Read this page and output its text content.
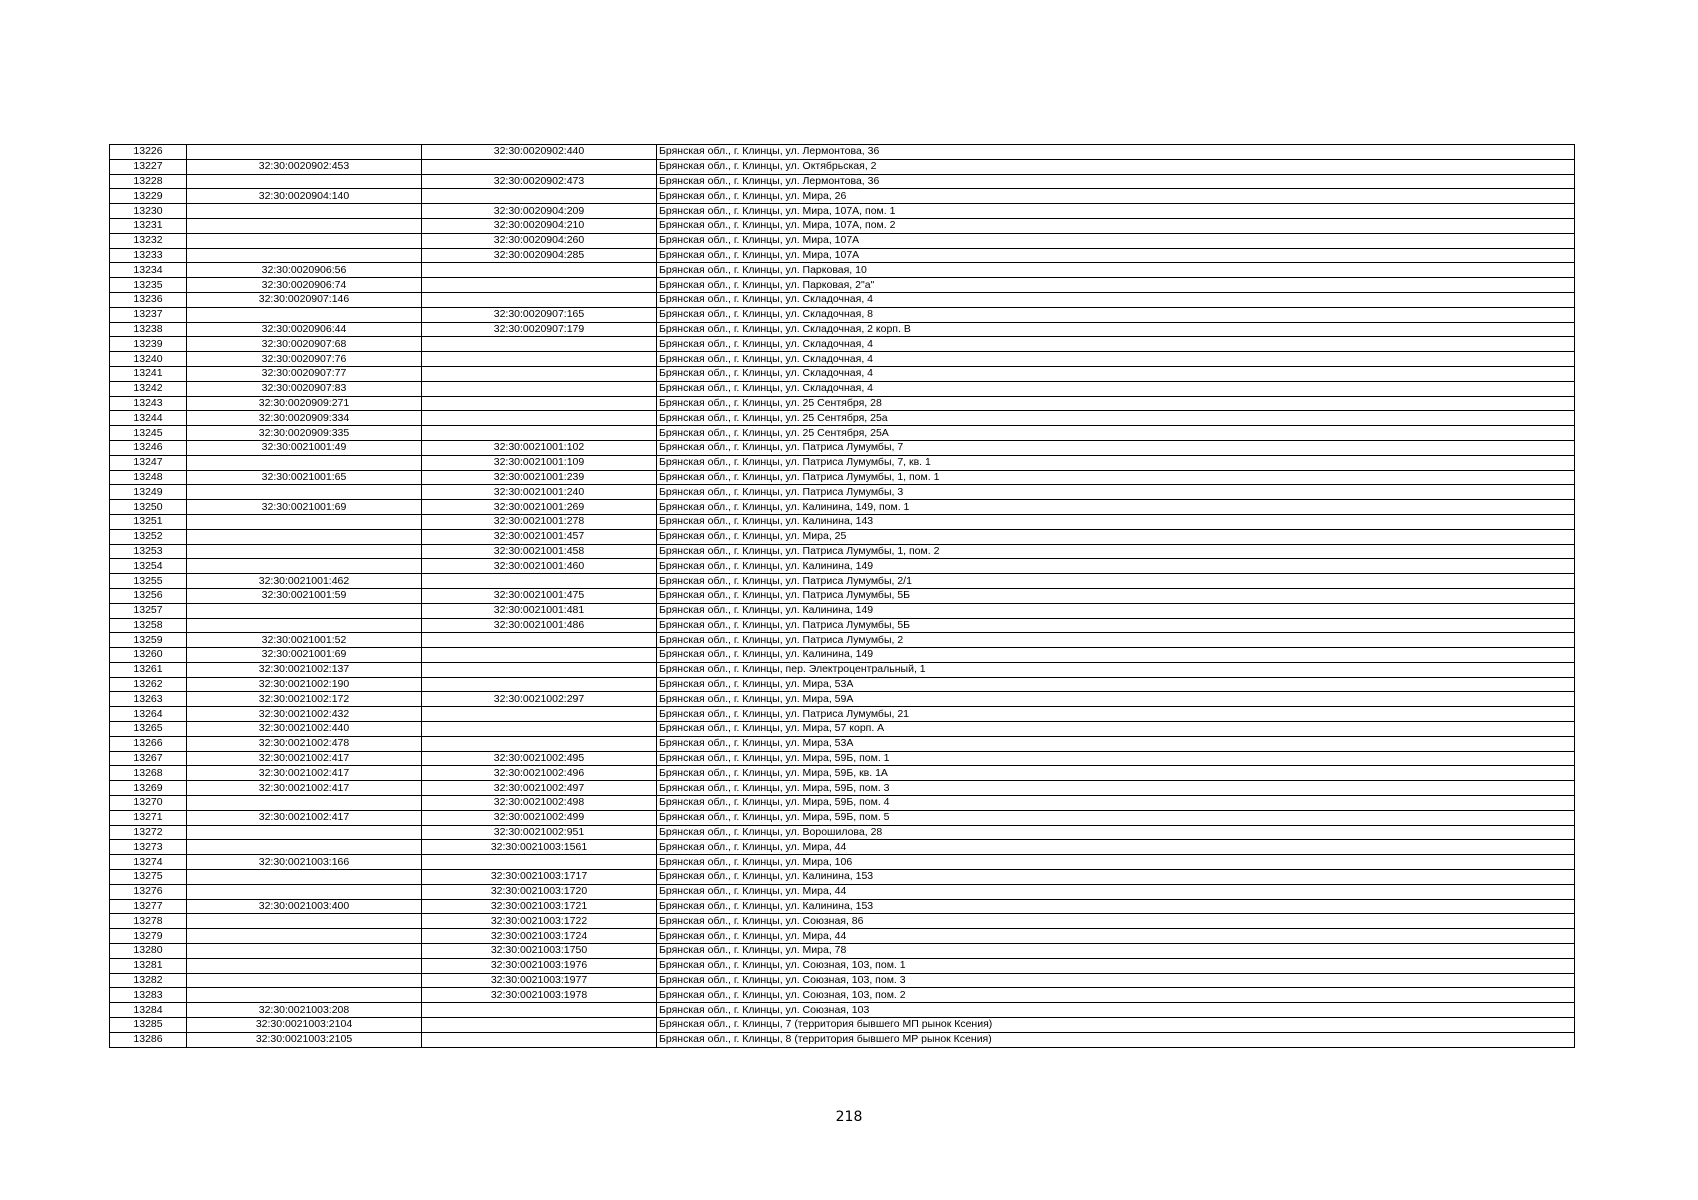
13226		32:30:0020902:440	Брянская обл., г. Клинцы, ул. Лермонтова, 36
13227	32:30:0020902:453		Брянская обл., г. Клинцы, ул. Октябрьская, 2
13228		32:30:0020902:473	Брянская обл., г. Клинцы, ул. Лермонтова, 36
13229	32:30:0020904:140		Брянская обл., г. Клинцы, ул. Мира, 26
13230		32:30:0020904:209	Брянская обл., г. Клинцы, ул. Мира, 107А, пом. 1
13231		32:30:0020904:210	Брянская обл., г. Клинцы, ул. Мира, 107А, пом. 2
13232		32:30:0020904:260	Брянская обл., г. Клинцы, ул. Мира, 107А
13233		32:30:0020904:285	Брянская обл., г. Клинцы, ул. Мира, 107А
13234	32:30:0020906:56		Брянская обл., г. Клинцы, ул. Парковая, 10
13235	32:30:0020906:74		Брянская обл., г. Клинцы, ул. Парковая, 2"а"
13236	32:30:0020907:146		Брянская обл., г. Клинцы, ул. Складочная, 4
13237		32:30:0020907:165	Брянская обл., г. Клинцы, ул. Складочная, 8
13238	32:30:0020906:44	32:30:0020907:179	Брянская обл., г. Клинцы, ул. Складочная, 2 корп. В
13239	32:30:0020907:68		Брянская обл., г. Клинцы, ул. Складочная, 4
13240	32:30:0020907:76		Брянская обл., г. Клинцы, ул. Складочная, 4
13241	32:30:0020907:77		Брянская обл., г. Клинцы, ул. Складочная, 4
13242	32:30:0020907:83		Брянская обл., г. Клинцы, ул. Складочная, 4
13243	32:30:0020909:271		Брянская обл., г. Клинцы, ул. 25 Сентября, 28
13244	32:30:0020909:334		Брянская обл., г. Клинцы, ул. 25 Сентября, 25а
13245	32:30:0020909:335		Брянская обл., г. Клинцы, ул. 25 Сентября, 25А
13246	32:30:0021001:49	32:30:0021001:102	Брянская обл., г. Клинцы, ул. Патриса Лумумбы, 7
13247		32:30:0021001:109	Брянская обл., г. Клинцы, ул. Патриса Лумумбы, 7, кв. 1
13248	32:30:0021001:65	32:30:0021001:239	Брянская обл., г. Клинцы, ул. Патриса Лумумбы, 1, пом. 1
13249		32:30:0021001:240	Брянская обл., г. Клинцы, ул. Патриса Лумумбы, 3
13250	32:30:0021001:69	32:30:0021001:269	Брянская обл., г. Клинцы, ул. Калинина, 149, пом. 1
13251		32:30:0021001:278	Брянская обл., г. Клинцы, ул. Калинина, 143
13252		32:30:0021001:457	Брянская обл., г. Клинцы, ул. Мира, 25
13253		32:30:0021001:458	Брянская обл., г. Клинцы, ул. Патриса Лумумбы, 1, пом. 2
13254		32:30:0021001:460	Брянская обл., г. Клинцы, ул. Калинина, 149
13255	32:30:0021001:462		Брянская обл., г. Клинцы, ул. Патриса Лумумбы, 2/1
13256	32:30:0021001:59	32:30:0021001:475	Брянская обл., г. Клинцы, ул. Патриса Лумумбы, 5Б
13257		32:30:0021001:481	Брянская обл., г. Клинцы, ул. Калинина, 149
13258		32:30:0021001:486	Брянская обл., г. Клинцы, ул. Патриса Лумумбы, 5Б
13259	32:30:0021001:52		Брянская обл., г. Клинцы, ул. Патриса Лумумбы, 2
13260	32:30:0021001:69		Брянская обл., г. Клинцы, ул. Калинина, 149
13261	32:30:0021002:137		Брянская обл., г. Клинцы, пер. Электроцентральный, 1
13262	32:30:0021002:190		Брянская обл., г. Клинцы, ул. Мира, 53А
13263	32:30:0021002:172	32:30:0021002:297	Брянская обл., г. Клинцы, ул. Мира, 59А
13264	32:30:0021002:432		Брянская обл., г. Клинцы, ул. Патриса Лумумбы, 21
13265	32:30:0021002:440		Брянская обл., г. Клинцы, ул. Мира, 57 корп. А
13266	32:30:0021002:478		Брянская обл., г. Клинцы, ул. Мира, 53А
13267	32:30:0021002:417	32:30:0021002:495	Брянская обл., г. Клинцы, ул. Мира, 59Б, пом. 1
13268	32:30:0021002:417	32:30:0021002:496	Брянская обл., г. Клинцы, ул. Мира, 59Б, кв. 1А
13269	32:30:0021002:417	32:30:0021002:497	Брянская обл., г. Клинцы, ул. Мира, 59Б, пом. 3
13270		32:30:0021002:498	Брянская обл., г. Клинцы, ул. Мира, 59Б, пом. 4
13271	32:30:0021002:417	32:30:0021002:499	Брянская обл., г. Клинцы, ул. Мира, 59Б, пом. 5
13272		32:30:0021002:951	Брянская обл., г. Клинцы, ул. Ворошилова, 28
13273		32:30:0021003:1561	Брянская обл., г. Клинцы, ул. Мира, 44
13274	32:30:0021003:166		Брянская обл., г. Клинцы, ул. Мира, 106
13275		32:30:0021003:1717	Брянская обл., г. Клинцы, ул. Калинина, 153
13276		32:30:0021003:1720	Брянская обл., г. Клинцы, ул. Мира, 44
13277	32:30:0021003:400	32:30:0021003:1721	Брянская обл., г. Клинцы, ул. Калинина, 153
13278		32:30:0021003:1722	Брянская обл., г. Клинцы, ул. Союзная, 86
13279		32:30:0021003:1724	Брянская обл., г. Клинцы, ул. Мира, 44
13280		32:30:0021003:1750	Брянская обл., г. Клинцы, ул. Мира, 78
13281		32:30:0021003:1976	Брянская обл., г. Клинцы, ул. Союзная, 103, пом. 1
13282		32:30:0021003:1977	Брянская обл., г. Клинцы, ул. Союзная, 103, пом. 3
13283		32:30:0021003:1978	Брянская обл., г. Клинцы, ул. Союзная, 103, пом. 2
13284	32:30:0021003:208		Брянская обл., г. Клинцы, ул. Союзная, 103
13285	32:30:0021003:2104		Брянская обл., г. Клинцы, 7 (территория бывшего МП рынок Ксения)
13286	32:30:0021003:2105		Брянская обл., г. Клинцы, 8 (территория бывшего МР рынок Ксения)
218
